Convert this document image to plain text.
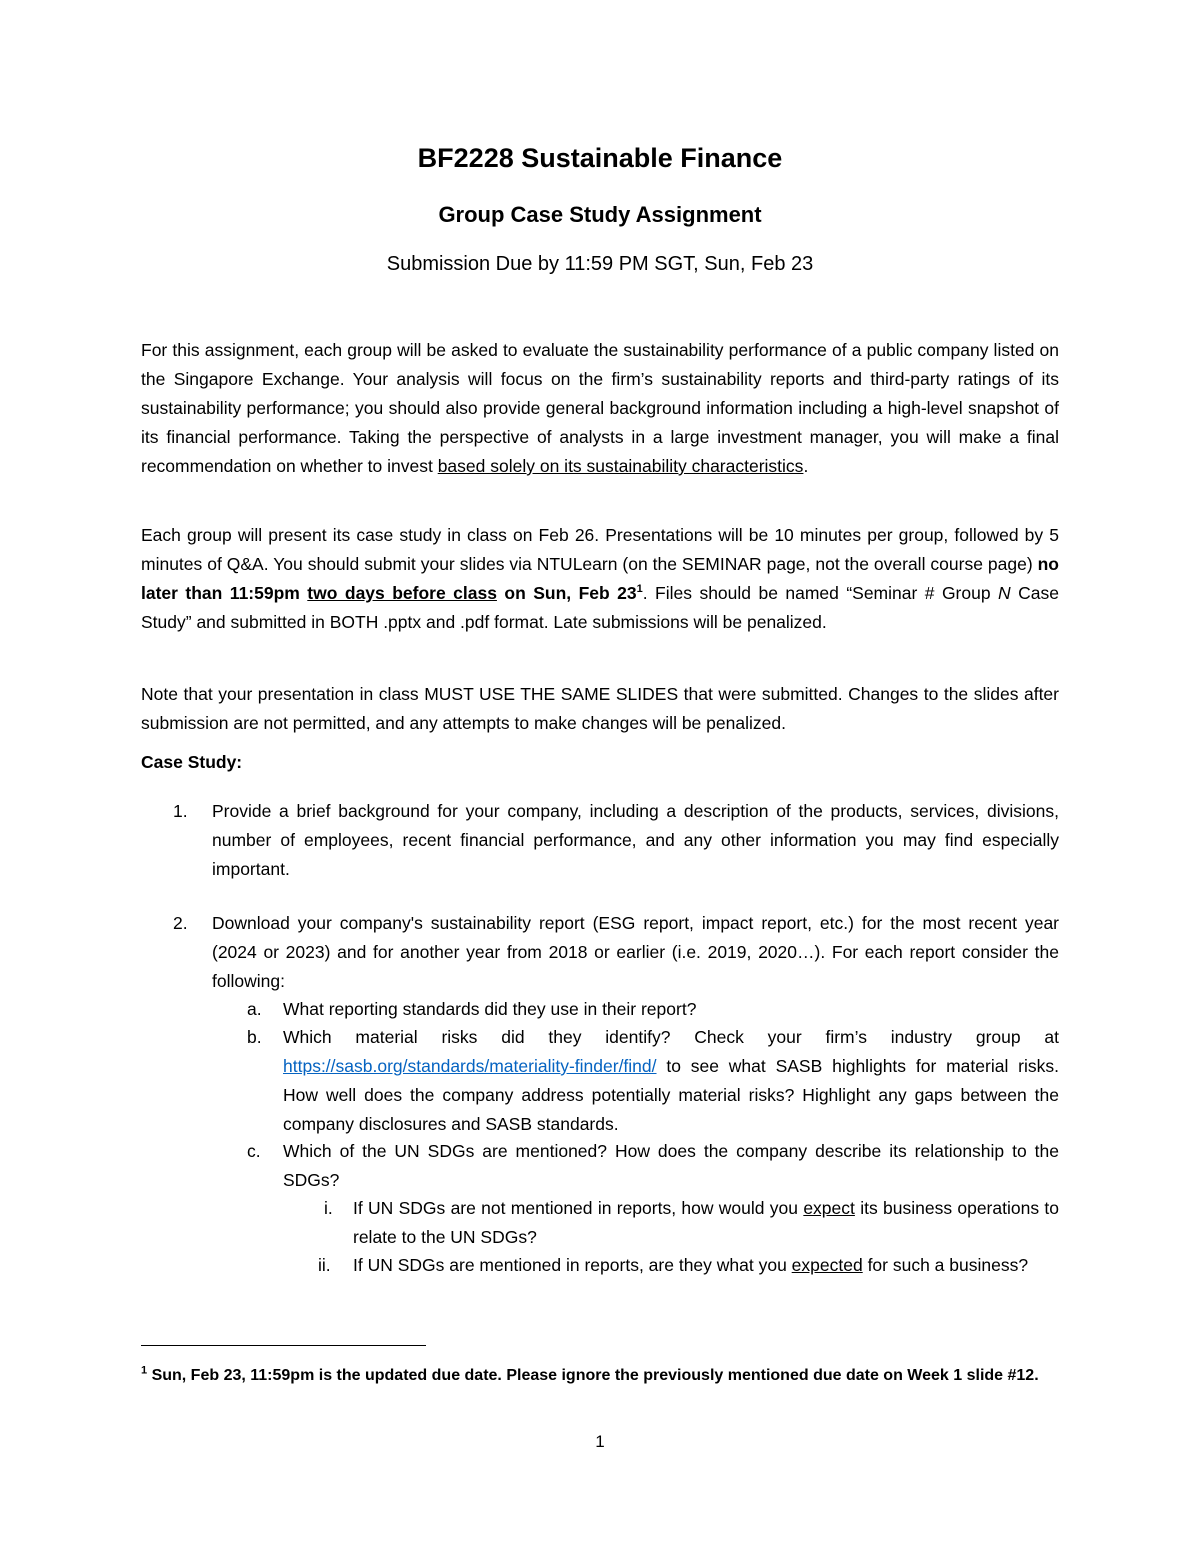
BF2228 Sustainable Finance
Group Case Study Assignment

Submission Due by 11:59 PM SGT, Sun, Feb 23

For this assignment, each group will be asked to evaluate the sustainability performance of a public company listed on the Singapore Exchange. Your analysis will focus on the firm’s sustainability reports and third-party ratings of its sustainability performance; you should also provide general background information including a high-level snapshot of its financial performance. Taking the perspective of analysts in a large investment manager, you will make a final recommendation on whether to invest based solely on its sustainability characteristics.

Each group will present its case study in class on Feb 26. Presentations will be 10 minutes per group, followed by 5 minutes of Q&A. You should submit your slides via NTULearn (on the SEMINAR page, not the overall course page) no later than 11:59pm two days before class on Sun, Feb $23^1$. Files should be named “Seminar # Group N Case Study” and submitted in BOTH .pptx and .pdf format. Late submissions will be penalized.

Note that your presentation in class MUST USE THE SAME SLIDES that were submitted. Changes to the slides after submission are not permitted, and any attempts to make changes will be penalized.

Case Study:

1. Provide a brief background for your company, including a description of the products, services, divisions, number of employees, recent financial performance, and any other information you may find especially important.

2. Download your company's sustainability report (ESG report, impact report, etc.) for the most recent year (2024 or 2023) and for another year from 2018 or earlier (i.e. 2019, 2020…). For each report consider the following:

a. What reporting standards did they use in their report?

b. Which material risks did they identify? Check your firm’s industry group at https://sasb.org/standards/materiality-finder/find/ to see what SASB highlights for material risks. How well does the company address potentially material risks? Highlight any gaps between the company disclosures and SASB standards.

c. Which of the UN SDGs are mentioned? How does the company describe its relationship to the SDGs?

i. If UN SDGs are not mentioned in reports, how would you expect its business operations to relate to the UN SDGs?

ii. If UN SDGs are mentioned in reports, are they what you expected for such a business?

$^1$ Sun, Feb 23, 11:59pm is the updated due date. Please ignore the previously mentioned due date on Week 1 slide #12.

1
